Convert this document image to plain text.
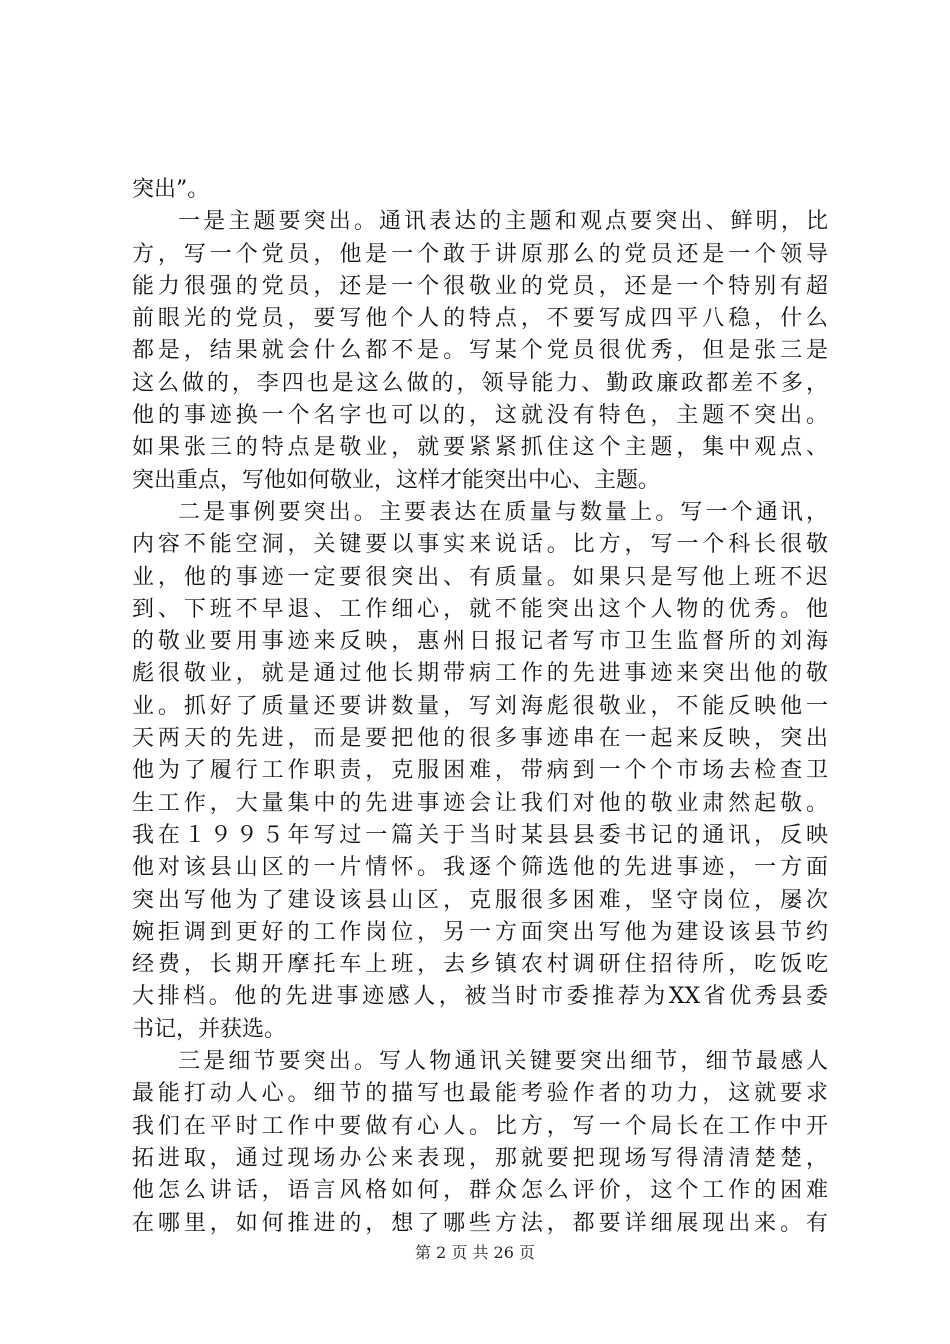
突出”。
一是主题要突出。通讯表达的主题和观点要突出、鲜明，比
方，写一个党员，他是一个敢于讲原那么的党员还是一个领导
能力很强的党员，还是一个很敬业的党员，还是一个特别有超
前眼光的党员，要写他个人的特点，不要写成四平八稳，什么
都是，结果就会什么都不是。写某个党员很优秀，但是张三是
这么做的，李四也是这么做的，领导能力、勤政廉政都差不多，
他的事迹换一个名字也可以的，这就没有特色，主题不突出。
如果张三的特点是敬业，就要紧紧抓住这个主题，集中观点、
突出重点，写他如何敬业，这样才能突出中心、主题。
二是事例要突出。主要表达在质量与数量上。写一个通讯，
内容不能空洞，关键要以事实来说话。比方，写一个科长很敬
业，他的事迹一定要很突出、有质量。如果只是写他上班不迟
到、下班不早退、工作细心，就不能突出这个人物的优秀。他
的敬业要用事迹来反映，惠州日报记者写市卫生监督所的刘海
彪很敬业，就是通过他长期带病工作的先进事迹来突出他的敬
业。抓好了质量还要讲数量，写刘海彪很敬业，不能反映他一
天两天的先进，而是要把他的很多事迹串在一起来反映，突出
他为了履行工作职责，克服困难，带病到一个个市场去检查卫
生工作，大量集中的先进事迹会让我们对他的敬业肃然起敬。
我在１９９５年写过一篇关于当时某县县委书记的通讯，反映
他对该县山区的一片情怀。我逐个筛选他的先进事迹，一方面
突出写他为了建设该县山区，克服很多困难，坚守岗位，屡次
婉拒调到更好的工作岗位，另一方面突出写他为建设该县节约
经费，长期开摩托车上班，去乡镇农村调研住招待所，吃饭吃
大排档。他的先进事迹感人，被当时市委推荐为XX省优秀县委
书记，并获选。
三是细节要突出。写人物通讯关键要突出细节，细节最感人
最能打动人心。细节的描写也最能考验作者的功力，这就要求
我们在平时工作中要做有心人。比方，写一个局长在工作中开
拓进取，通过现场办公来表现，那就要把现场写得清清楚楚，
他怎么讲话，语言风格如何，群众怎么评价，这个工作的困难
在哪里，如何推进的，想了哪些方法，都要详细展现出来。有
第 2 页 共 26 页
